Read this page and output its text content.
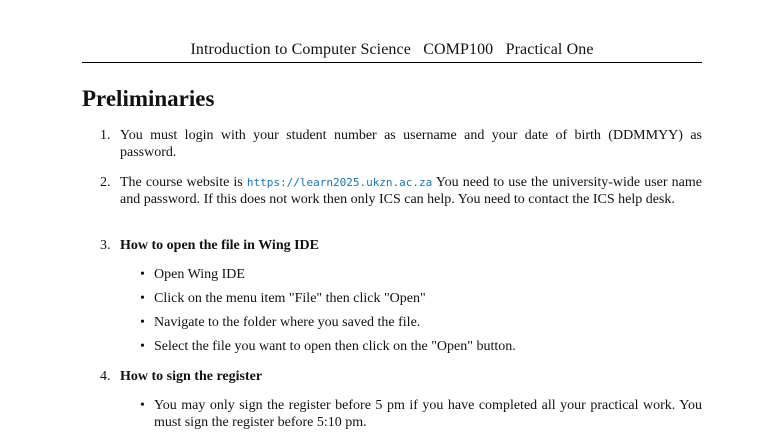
Introduction to Computer Science COMP100 Practical One
Preliminaries
1. You must login with your student number as username and your date of birth (DDMMYY) as password.
2. The course website is https://learn2025.ukzn.ac.za You need to use the university-wide user name and password. If this does not work then only ICS can help. You need to contact the ICS help desk.
3. How to open the file in Wing IDE
• Open Wing IDE
• Click on the menu item "File" then click "Open"
• Navigate to the folder where you saved the file.
• Select the file you want to open then click on the "Open" button.
4. How to sign the register
• You may only sign the register before 5 pm if you have completed all your practical work. You must sign the register before 5:10 pm.
